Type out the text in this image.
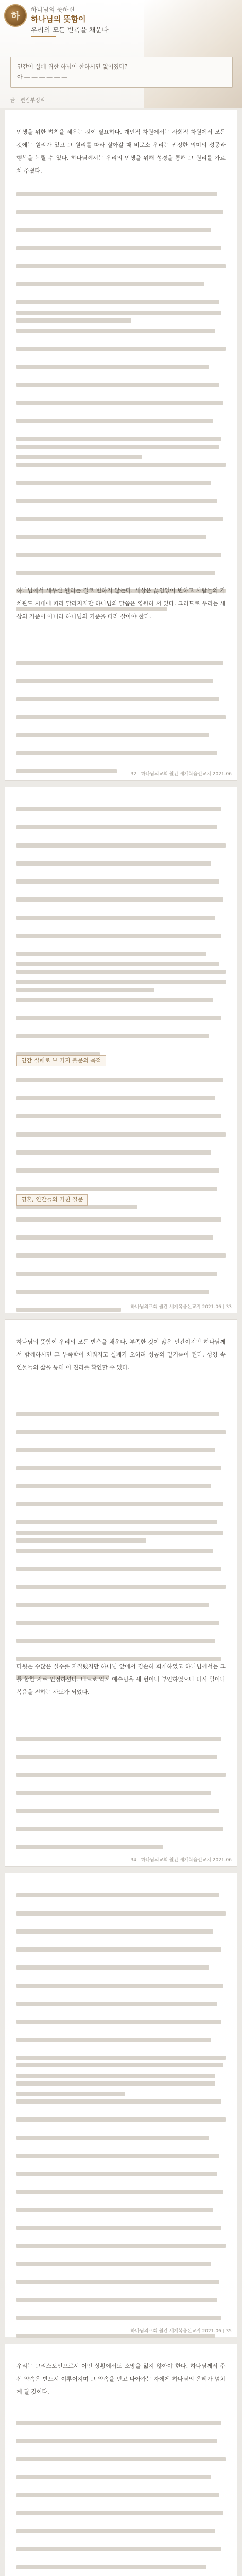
하
하나님의 뜻하신
하나님의 뜻함이
우리의 모든 반측을 채운다

인간이 실패 위한 하님이 한하시면 없어졌다?

아 ― ― ― ― ― ―

글 · 편집부정리

인생을 위한 법칙을 세우는 것이 필요하다. 개인적 차원에서는 사회적 차원에서 모든 것에는 원리가 있고 그 원리를 따라 살아갈 때 비로소 우리는 진정한 의미의 성공과 행복을 누릴 수 있다. 하나님께서는 우리의 인생을 위해 성경을 통해 그 원리를 가르쳐 주셨다.

하나님께서 세우신 원리는 결코 변하지 않는다. 세상은 끊임없이 변하고 사람들의 가치관도 시대에 따라 달라지지만 하나님의 말씀은 영원히 서 있다. 그러므로 우리는 세상의 기준이 아니라 하나님의 기준을 따라 살아야 한다.

32 | 하나님의교회 월간 세계복음선교지 2021.06
인간 실패로 보 거지 불문의 목적
영혼, 인간들의 거친 질문
하나님의교회 월간 세계복음선교지 2021.06 | 33

하나님의 뜻함이 우리의 모든 반측을 채운다. 부족한 것이 많은 인간이지만 하나님께서 함께하시면 그 부족함이 채워지고 실패가 오히려 성공의 밑거름이 된다. 성경 속 인물들의 삶을 통해 이 진리를 확인할 수 있다.

다윗은 수많은 실수를 저질렀지만 하나님 앞에서 겸손히 회개하였고 하나님께서는 그를 합한 자로 인정하셨다. 베드로 역시 예수님을 세 번이나 부인하였으나 다시 일어나 복음을 전하는 사도가 되었다.

34 | 하나님의교회 월간 세계복음선교지 2021.06
하나님의교회 월간 세계복음선교지 2021.06 | 35

우리는 그리스도인으로서 어떤 상황에서도 소망을 잃지 않아야 한다. 하나님께서 주신 약속은 반드시 이루어지며 그 약속을 믿고 나아가는 자에게 하나님의 은혜가 넘치게 될 것이다.
